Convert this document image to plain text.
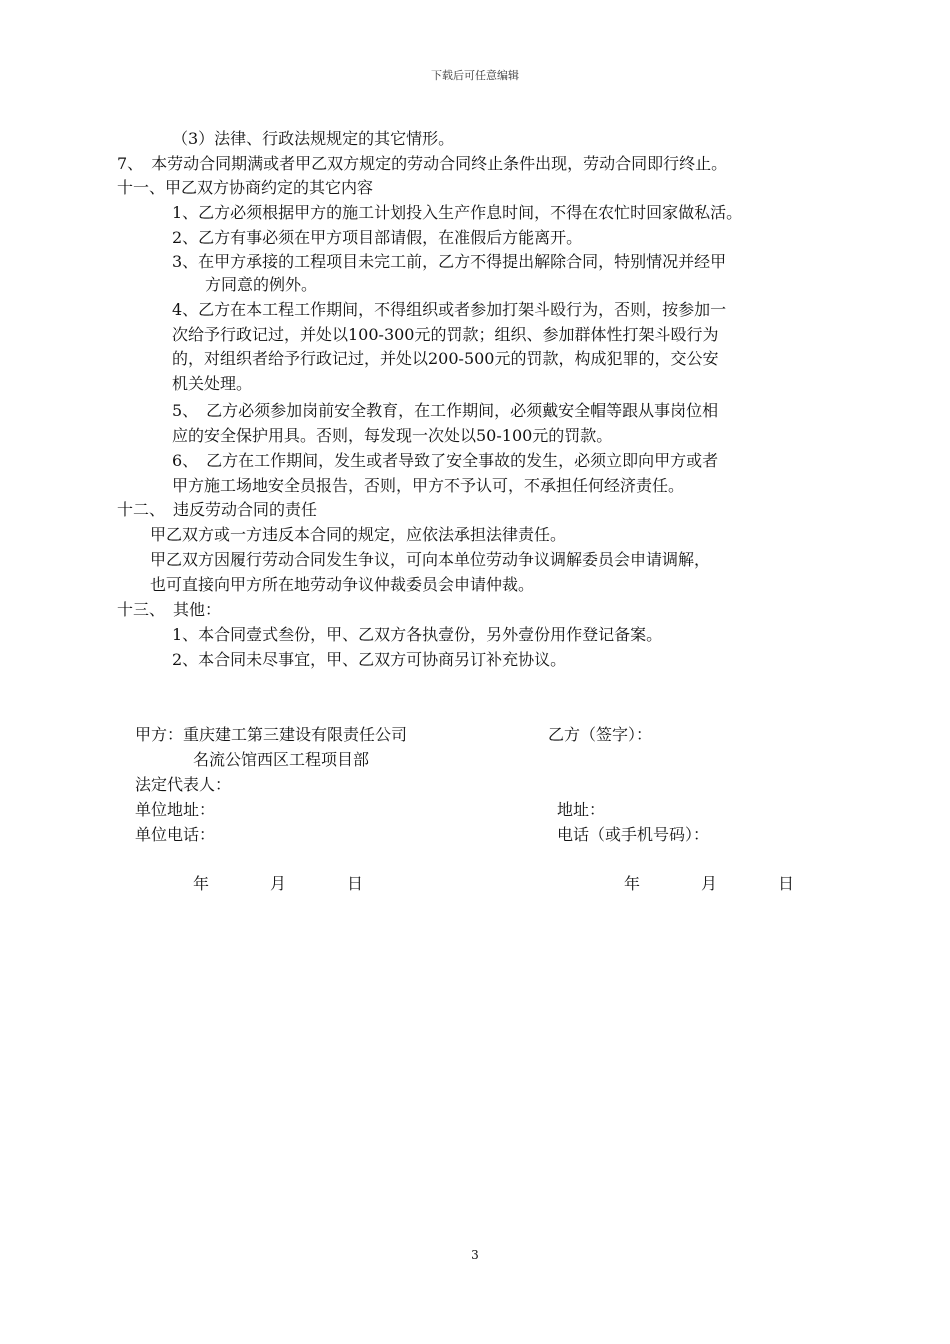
下载后可任意编辑
（3）法律、行政法规规定的其它情形。
7、　本劳动合同期满或者甲乙双方规定的劳动合同终止条件出现，劳动合同即行终止。
十一、甲乙双方协商约定的其它内容
1、乙方必须根据甲方的施工计划投入生产作息时间，不得在农忙时回家做私活。
2、乙方有事必须在甲方项目部请假，在准假后方能离开。
3、在甲方承接的工程项目未完工前，乙方不得提出解除合同，特别情况并经甲
方同意的例外。
4、乙方在本工程工作期间，不得组织或者参加打架斗殴行为，否则，按参加一
次给予行政记过，并处以100-300元的罚款；组织、参加群体性打架斗殴行为
的，对组织者给予行政记过，并处以200-500元的罚款，构成犯罪的，交公安
机关处理。
5、　乙方必须参加岗前安全教育，在工作期间，必须戴安全帽等跟从事岗位相
应的安全保护用具。否则，每发现一次处以50-100元的罚款。
6、　乙方在工作期间，发生或者导致了安全事故的发生，必须立即向甲方或者
甲方施工场地安全员报告，否则，甲方不予认可，不承担任何经济责任。
十二、　违反劳动合同的责任
甲乙双方或一方违反本合同的规定，应依法承担法律责任。
甲乙双方因履行劳动合同发生争议，可向本单位劳动争议调解委员会申请调解，
也可直接向甲方所在地劳动争议仲裁委员会申请仲裁。
十三、　其他：
1、本合同壹式叁份，甲、乙双方各执壹份，另外壹份用作登记备案。
2、本合同未尽事宜，甲、乙双方可协商另订补充协议。
甲方：重庆建工第三建设有限责任公司	乙方（签字）：
名流公馆西区工程项目部
法定代表人：
单位地址：	地址：
单位电话：	电话（或手机号码）：
年	月	日	年	月	日
3
